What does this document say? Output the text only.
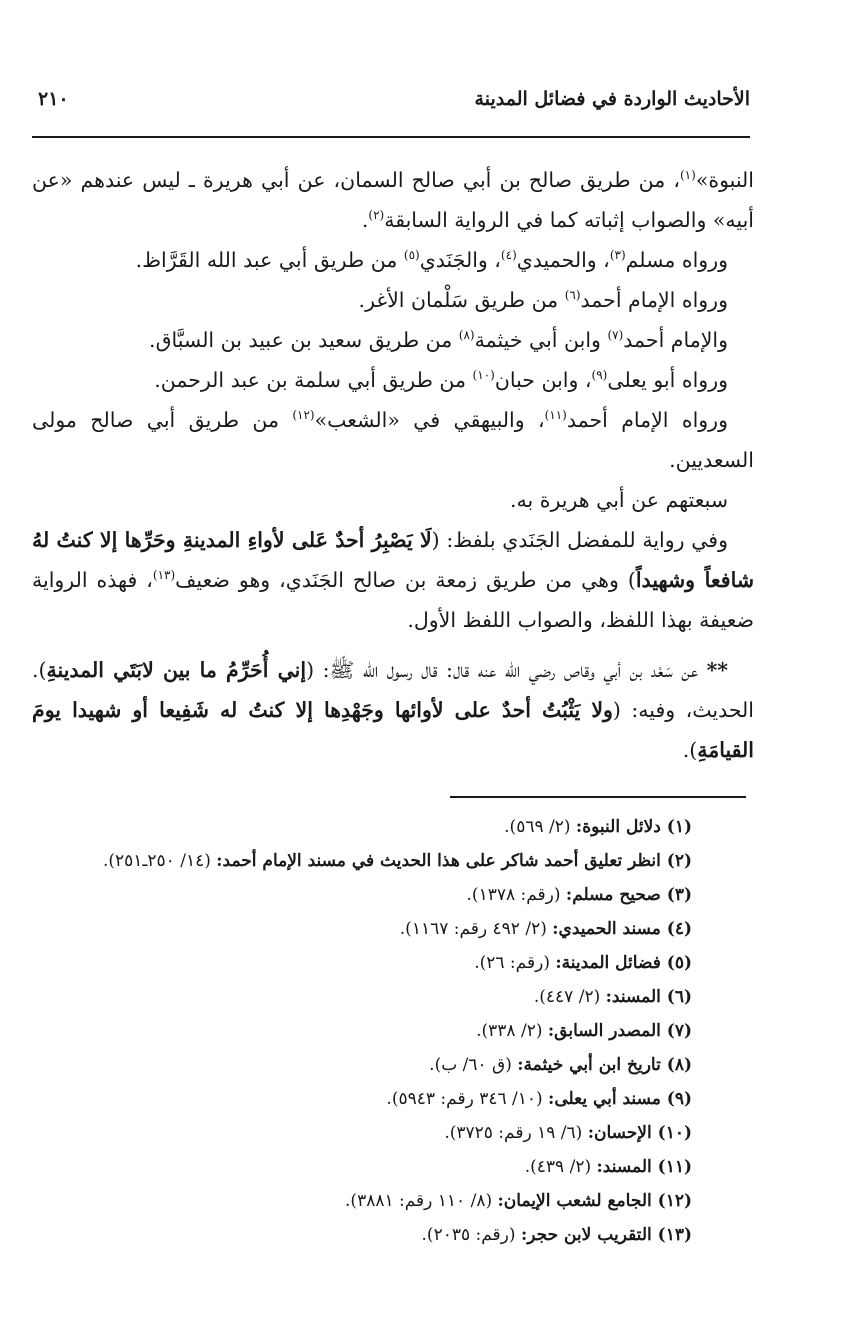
الأحاديث الواردة في فضائل المدينة
٢١٠

النبوة»$^{(١)}$، من طريق صالح بن أبي صالح السمان، عن أبي هريرة ـ ليس عندهم «عن أبيه» والصواب إثباته كما في الرواية السابقة$^{(٢)}$.

ورواه مسلم$^{(٣)}$، والحميدي$^{(٤)}$، والجَنَدي$^{(٥)}$ من طريق أبي عبد الله القَرَّاظ.

ورواه الإمام أحمد$^{(٦)}$ من طريق سَلْمان الأغر.

والإمام أحمد$^{(٧)}$ وابن أبي خيثمة$^{(٨)}$ من طريق سعيد بن عبيد بن السبَّاق.

ورواه أبو يعلى$^{(٩)}$، وابن حبان$^{(١٠)}$ من طريق أبي سلمة بن عبد الرحمن.

ورواه الإمام أحمد$^{(١١)}$، والبيهقي في «الشعب»$^{(١٢)}$ من طريق أبي صالح مولى السعديين.

سبعتهم عن أبي هريرة به.

وفي رواية للمفضل الجَنَدي بلفظ: (لَا يَصْبِرُ أحدٌ عَلى لأواءِ المدينةِ وحَرِّها إلا كنتُ لهُ شافعاً وشهيداً) وهي من طريق زمعة بن صالح الجَنَدي، وهو ضعيف$^{(١٣)}$، فهذه الرواية ضعيفة بهذا اللفظ، والصواب اللفظ الأول.

** عن سَعْد بن أبي وقاص رضي الله عنه قال: قال رسول الله ﷺ: (إني أُحَرِّمُ ما بين لابَتَي المدينةِ). الحديث، وفيه: (ولا يَثْبُتُ أحدٌ على لأوائها وجَهْدِها إلا كنتُ له شَفِيعا أو شهيدا يومَ القيامَةِ).

(١) دلائل النبوة: (٢/ ٥٦٩).
(٢) انظر تعليق أحمد شاكر على هذا الحديث في مسند الإمام أحمد: (١٤/ ٢٥٠ـ٢٥١).
(٣) صحيح مسلم: (رقم: ١٣٧٨).
(٤) مسند الحميدي: (٢/ ٤٩٢ رقم: ١١٦٧).
(٥) فضائل المدينة: (رقم: ٢٦).
(٦) المسند: (٢/ ٤٤٧).
(٧) المصدر السابق: (٢/ ٣٣٨).
(٨) تاريخ ابن أبي خيثمة: (ق ٦٠/ ب).
(٩) مسند أبي يعلى: (١٠/ ٣٤٦ رقم: ٥٩٤٣).
(١٠) الإحسان: (٦/ ١٩ رقم: ٣٧٢٥).
(١١) المسند: (٢/ ٤٣٩).
(١٢) الجامع لشعب الإيمان: (٨/ ١١٠ رقم: ٣٨٨١).
(١٣) التقريب لابن حجر: (رقم: ٢٠٣٥).
